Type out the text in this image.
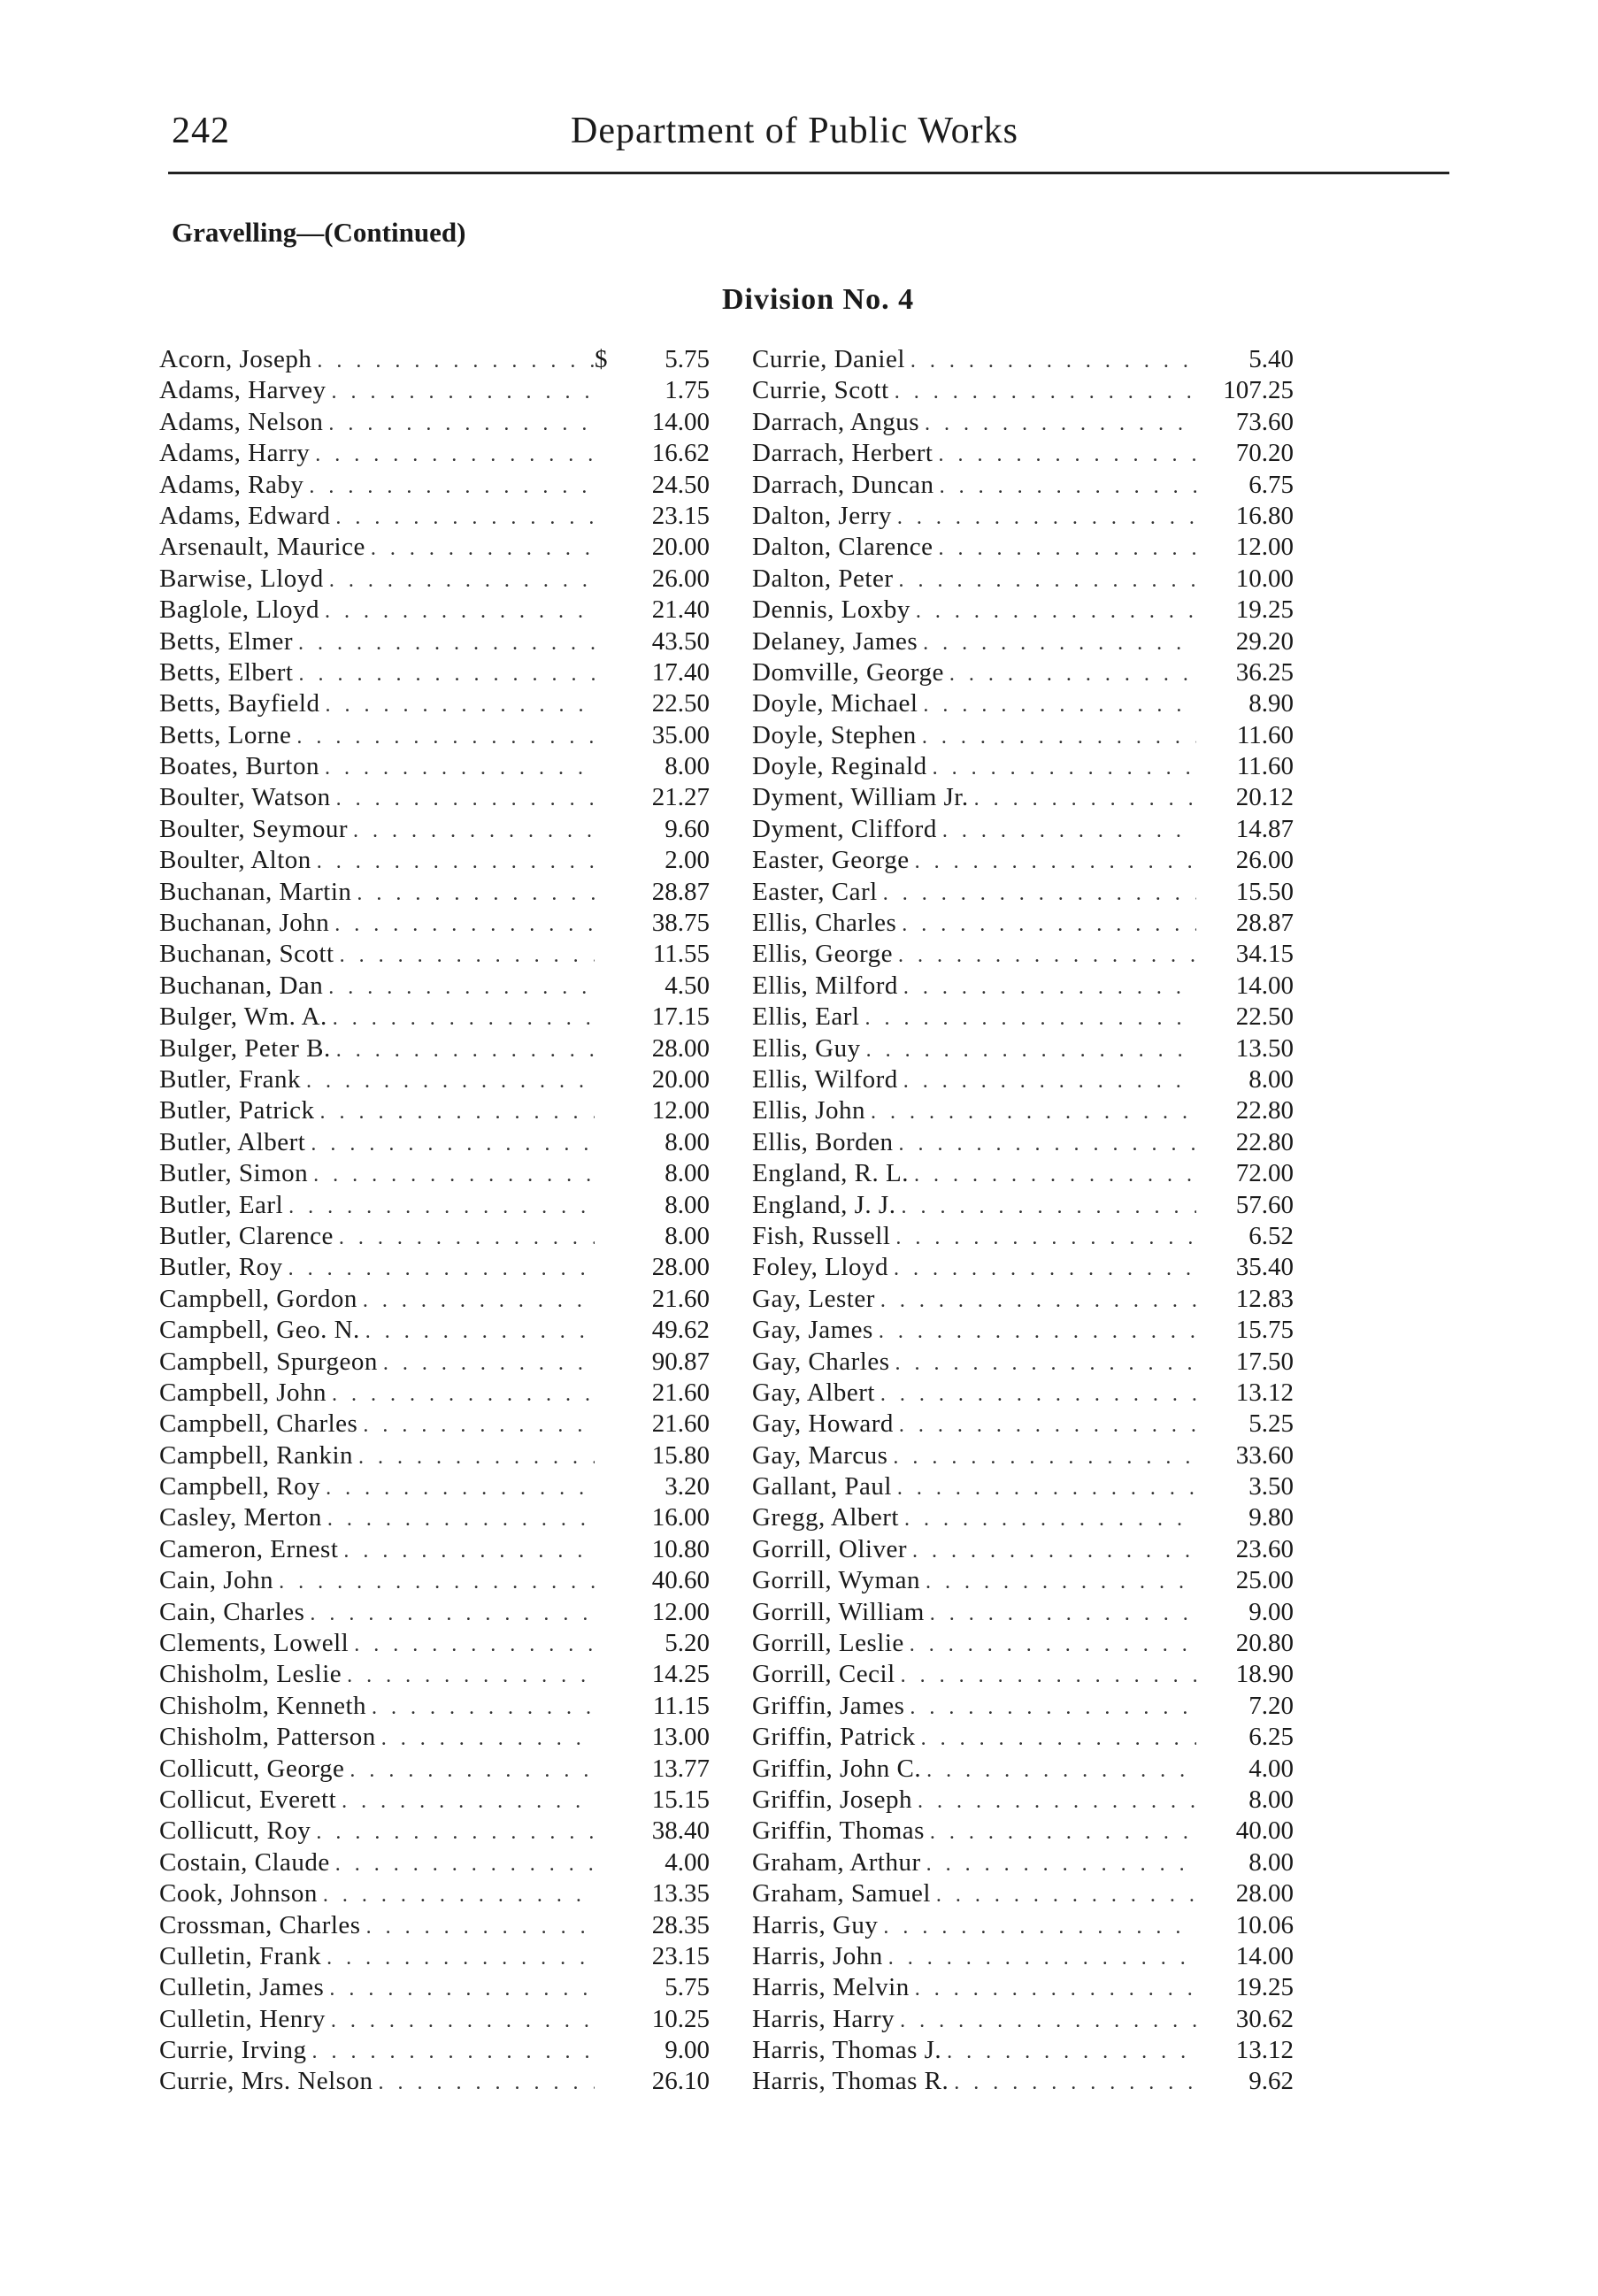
242	Department of Public Works
Gravelling—(Continued)
Division No. 4
Acorn, Joseph . . .	$	5.75
Adams, Harvey . . .	1.75
Adams, Nelson . . .	14.00
Adams, Harry . . .	16.62
Adams, Raby . . .	24.50
Adams, Edward . . .	23.15
Arsenault, Maurice . . .	20.00
Barwise, Lloyd . . .	26.00
Baglole, Lloyd . . .	21.40
Betts, Elmer . . .	43.50
Betts, Elbert . . .	17.40
Betts, Bayfield . . .	22.50
Betts, Lorne . . .	35.00
Boates, Burton . . .	8.00
Boulter, Watson . . .	21.27
Boulter, Seymour . . .	9.60
Boulter, Alton . . .	2.00
Buchanan, Martin . . .	28.87
Buchanan, John . . .	38.75
Buchanan, Scott . . .	11.55
Buchanan, Dan . . .	4.50
Bulger, Wm. A. . . .	17.15
Bulger, Peter B. . . .	28.00
Butler, Frank . . .	20.00
Butler, Patrick . . .	12.00
Butler, Albert . . .	8.00
Butler, Simon . . .	8.00
Butler, Earl . . .	8.00
Butler, Clarence . . .	8.00
Butler, Roy . . .	28.00
Campbell, Gordon . . .	21.60
Campbell, Geo. N. . . .	49.62
Campbell, Spurgeon . . .	90.87
Campbell, John . . .	21.60
Campbell, Charles . . .	21.60
Campbell, Rankin . . .	15.80
Campbell, Roy . . .	3.20
Casley, Merton . . .	16.00
Cameron, Ernest . . .	10.80
Cain, John . . .	40.60
Cain, Charles . . .	12.00
Clements, Lowell . . .	5.20
Chisholm, Leslie . . .	14.25
Chisholm, Kenneth . . .	11.15
Chisholm, Patterson . . .	13.00
Collicutt, George . . .	13.77
Collicut, Everett . . .	15.15
Collicutt, Roy . . .	38.40
Costain, Claude . . .	4.00
Cook, Johnson . . .	13.35
Crossman, Charles . . .	28.35
Culletin, Frank . . .	23.15
Culletin, James . . .	5.75
Culletin, Henry . . .	10.25
Currie, Irving . . .	9.00
Currie, Mrs. Nelson . . .	26.10
Currie, Daniel . . .	5.40
Currie, Scott . . .	107.25
Darrach, Angus . . .	73.60
Darrach, Herbert . . .	70.20
Darrach, Duncan . . .	6.75
Dalton, Jerry . . .	16.80
Dalton, Clarence . . .	12.00
Dalton, Peter . . .	10.00
Dennis, Loxby . . .	19.25
Delaney, James . . .	29.20
Domville, George . . .	36.25
Doyle, Michael . . .	8.90
Doyle, Stephen . . .	11.60
Doyle, Reginald . . .	11.60
Dyment, William Jr. . . .	20.12
Dyment, Clifford . . .	14.87
Easter, George . . .	26.00
Easter, Carl . . .	15.50
Ellis, Charles . . .	28.87
Ellis, George . . .	34.15
Ellis, Milford . . .	14.00
Ellis, Earl . . .	22.50
Ellis, Guy . . .	13.50
Ellis, Wilford . . .	8.00
Ellis, John . . .	22.80
Ellis, Borden . . .	22.80
England, R. L. . . .	72.00
England, J. J. . . .	57.60
Fish, Russell . . .	6.52
Foley, Lloyd . . .	35.40
Gay, Lester . . .	12.83
Gay, James . . .	15.75
Gay, Charles . . .	17.50
Gay, Albert . . .	13.12
Gay, Howard . . .	5.25
Gay, Marcus . . .	33.60
Gallant, Paul . . .	3.50
Gregg, Albert . . .	9.80
Gorrill, Oliver . . .	23.60
Gorrill, Wyman . . .	25.00
Gorrill, William . . .	9.00
Gorrill, Leslie . . .	20.80
Gorrill, Cecil . . .	18.90
Griffin, James . . .	7.20
Griffin, Patrick . . .	6.25
Griffin, John C. . . .	4.00
Griffin, Joseph . . .	8.00
Griffin, Thomas . . .	40.00
Graham, Arthur . . .	8.00
Graham, Samuel . . .	28.00
Harris, Guy . . .	10.06
Harris, John . . .	14.00
Harris, Melvin . . .	19.25
Harris, Harry . . .	30.62
Harris, Thomas J. . . .	13.12
Harris, Thomas R. . . .	9.62
